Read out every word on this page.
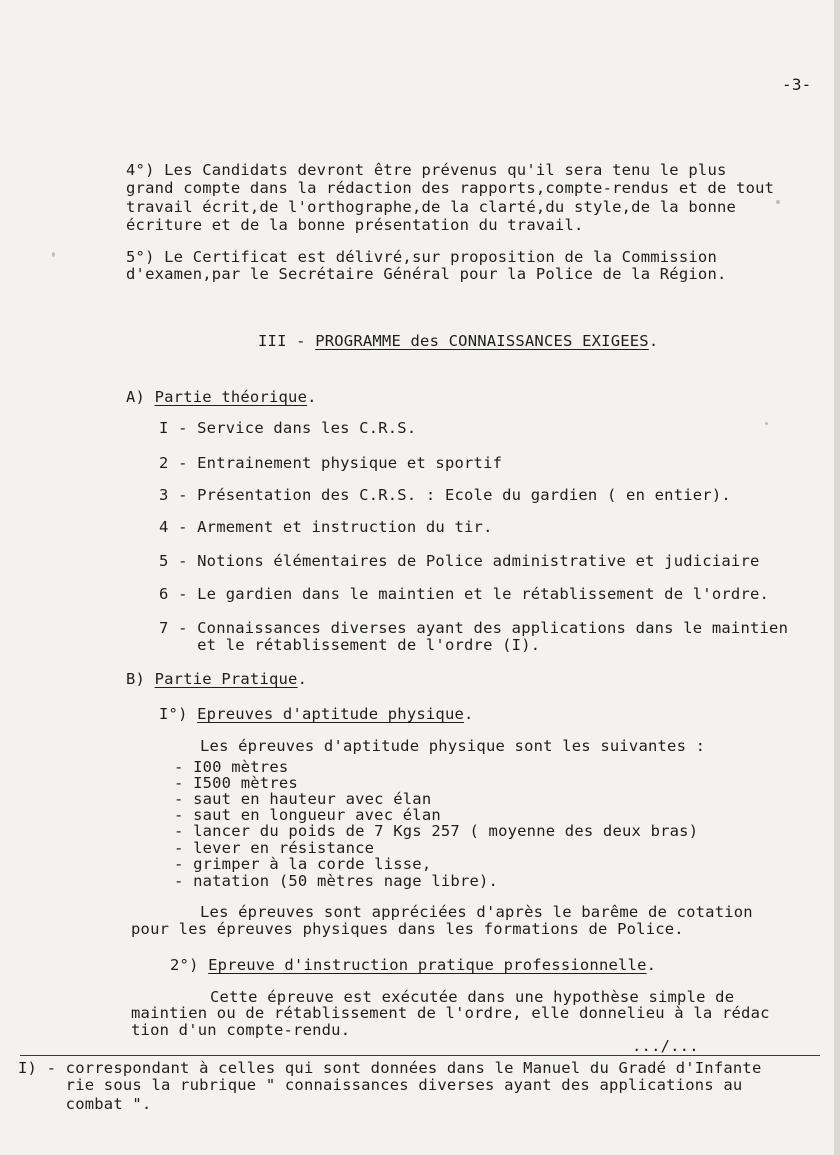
-3-
4°) Les Candidats devront être prévenus qu'il sera tenu le plus
grand compte dans la rédaction des rapports,compte-rendus et de tout
travail écrit,de l'orthographe,de la clarté,du style,de la bonne
écriture et de la bonne présentation du travail.
5°) Le Certificat est délivré,sur proposition de la Commission
d'examen,par le Secrétaire Général pour la Police de la Région.
III - PROGRAMME des CONNAISSANCES EXIGEES.
A) Partie théorique.
I - Service dans les C.R.S.
2 - Entrainement physique et sportif
3 - Présentation des C.R.S. : Ecole du gardien ( en entier).
4 - Armement et instruction du tir.
5 - Notions élémentaires de Police administrative et judiciaire
6 - Le gardien dans le maintien et le rétablissement de l'ordre.
7 - Connaissances diverses ayant des applications dans le maintien
et le rétablissement de l'ordre (I).
B) Partie Pratique.
I°) Epreuves d'aptitude physique.
Les épreuves d'aptitude physique sont les suivantes :
- I00 mètres
- I500 mètres
- saut en hauteur avec élan
- saut en longueur avec élan
- lancer du poids de 7 Kgs 257 ( moyenne des deux bras)
- lever en résistance
- grimper à la corde lisse,
- natation (50 mètres nage libre).
Les épreuves sont appréciées d'après le barême de cotation
pour les épreuves physiques dans les formations de Police.
2°) Epreuve d'instruction pratique professionnelle.
Cette épreuve est exécutée dans une hypothèse simple de
maintien ou de rétablissement de l'ordre, elle donnelieu à la rédac
tion d'un compte-rendu.
.../...
I) - correspondant à celles qui sont données dans le Manuel du Gradé d'Infante
rie sous la rubrique " connaissances diverses ayant des applications au
combat ".
